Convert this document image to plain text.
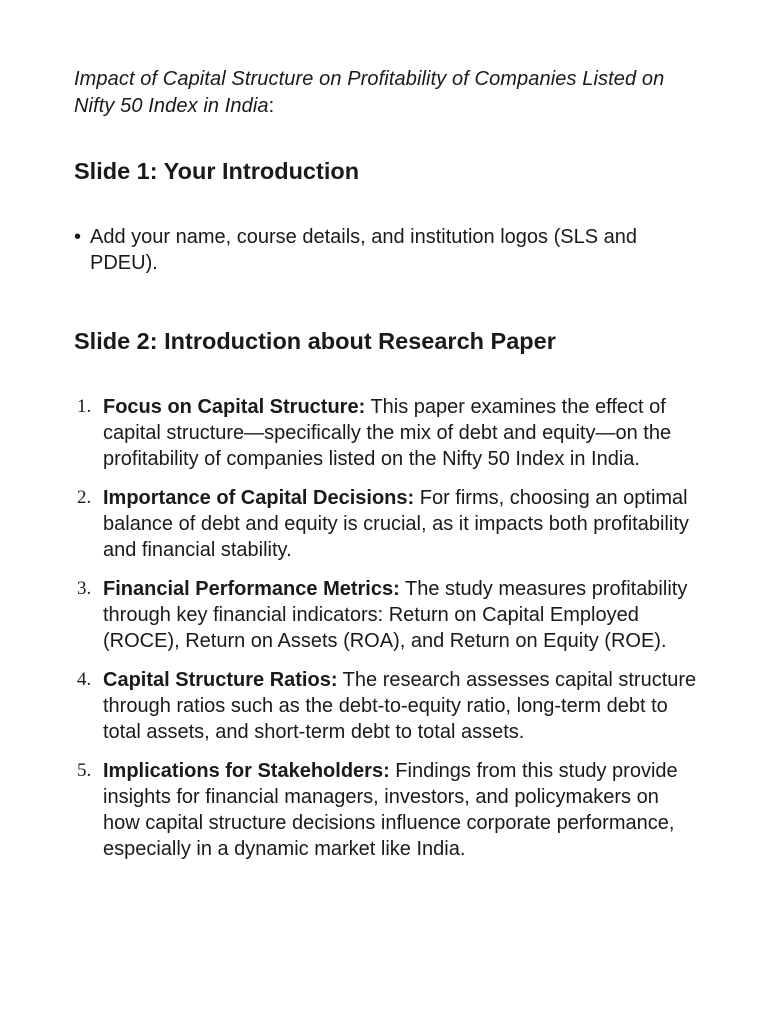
Impact of Capital Structure on Profitability of Companies Listed on Nifty 50 Index in India:

Slide 1: Your Introduction
• Add your name, course details, and institution logos (SLS and PDEU).
Slide 2: Introduction about Research Paper
1. Focus on Capital Structure: This paper examines the effect of capital structure—specifically the mix of debt and equity—on the profitability of companies listed on the Nifty 50 Index in India.
2. Importance of Capital Decisions: For firms, choosing an optimal balance of debt and equity is crucial, as it impacts both profitability and financial stability.
3. Financial Performance Metrics: The study measures profitability through key financial indicators: Return on Capital Employed (ROCE), Return on Assets (ROA), and Return on Equity (ROE).
4. Capital Structure Ratios: The research assesses capital structure through ratios such as the debt-to-equity ratio, long-term debt to total assets, and short-term debt to total assets.
5. Implications for Stakeholders: Findings from this study provide insights for financial managers, investors, and policymakers on how capital structure decisions influence corporate performance, especially in a dynamic market like India.
